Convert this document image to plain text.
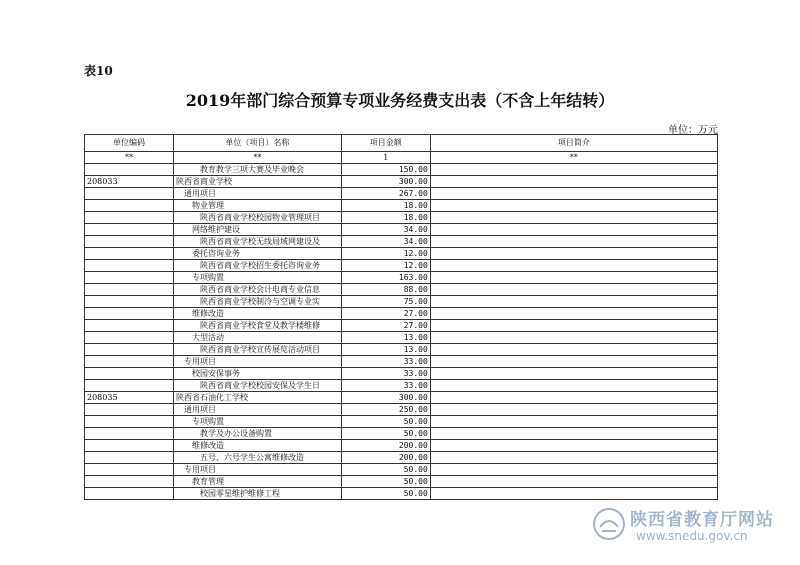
表10
2019年部门综合预算专项业务经费支出表（不含上年结转）
单位：万元
单位编码	单位（项目）名称	项目金额	项目简介
**	**	1	**
	教育教学三项大赛及毕业晚会	150.00	
208033	陕西省商业学校	300.00	
	通用项目	267.00	
	物业管理	18.00	
	陕西省商业学校校园物业管理项目	18.00	
	网络维护建设	34.00	
	陕西省商业学校无线局域网建设及	34.00	
	委托咨询业务	12.00	
	陕西省商业学校招生委托咨询业务	12.00	
	专项购置	163.00	
	陕西省商业学校会计电商专业信息	88.00	
	陕西省商业学校制冷与空调专业实	75.00	
	维修改造	27.00	
	陕西省商业学校食堂及教学楼维修	27.00	
	大型活动	13.00	
	陕西省商业学校宣传展览活动项目	13.00	
	专用项目	33.00	
	校园安保事务	33.00	
	陕西省商业学校校园安保及学生日	33.00	
208035	陕西省石油化工学校	300.00	
	通用项目	250.00	
	专项购置	50.00	
	教学及办公设备购置	50.00	
	维修改造	200.00	
	五号、六号学生公寓维修改造	200.00	
	专用项目	50.00	
	教育管理	50.00	
	校园零星维护维修工程	50.00	
陕西省教育厅网站
www.snedu.gov.cn
